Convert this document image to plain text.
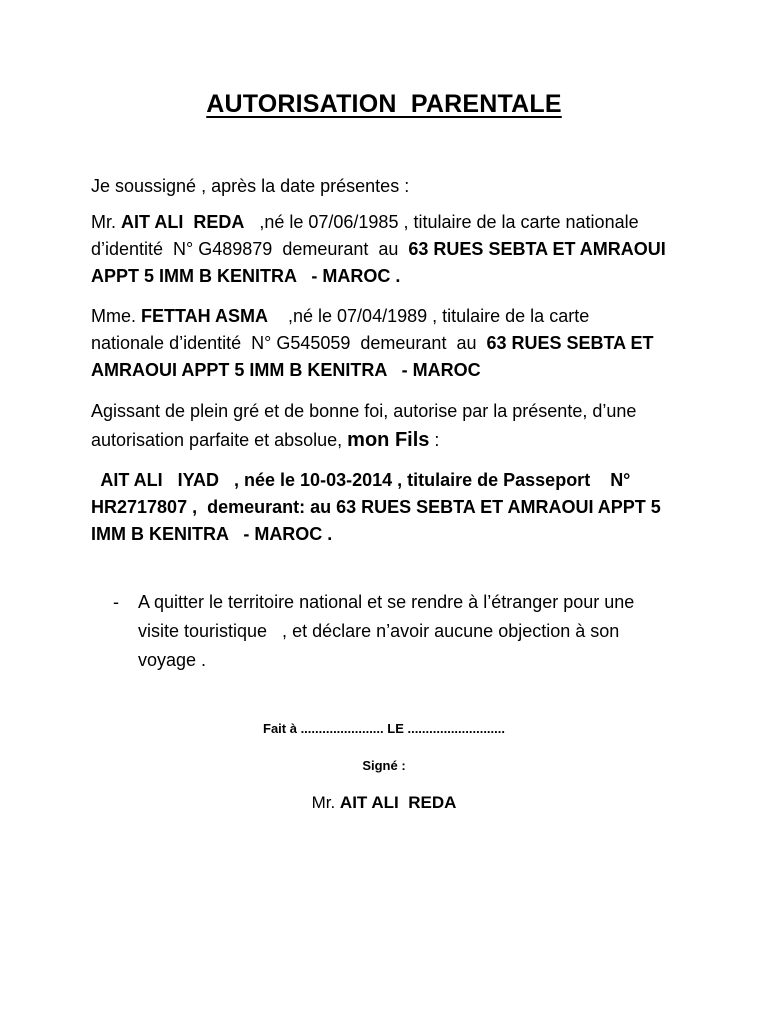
AUTORISATION  PARENTALE

Je soussigné , après la date présentes :

Mr. AIT ALI  REDA   ,né le 07/06/1985 , titulaire de la carte nationale
d’identité  N° G489879  demeurant  au  63 RUES SEBTA ET AMRAOUI
APPT 5 IMM B KENITRA   - MAROC .
Mme. FETTAH ASMA    ,né le 07/04/1989 , titulaire de la carte
nationale d’identité  N° G545059  demeurant  au  63 RUES SEBTA ET
AMRAOUI APPT 5 IMM B KENITRA   - MAROC
Agissant de plein gré et de bonne foi, autorise par la présente, d’une
autorisation parfaite et absolue, mon Fils :
AIT ALI   IYAD   , née le 10-03-2014 , titulaire de Passeport    N°
HR2717807 ,  demeurant: au 63 RUES SEBTA ET AMRAOUI APPT 5
IMM B KENITRA   - MAROC .
- A quitter le territoire national et se rendre à l’étranger pour une
visite touristique   , et déclare n’avoir aucune objection à son
voyage .
Fait à ....................... LE ...........................
Signé :
Mr. AIT ALI  REDA
